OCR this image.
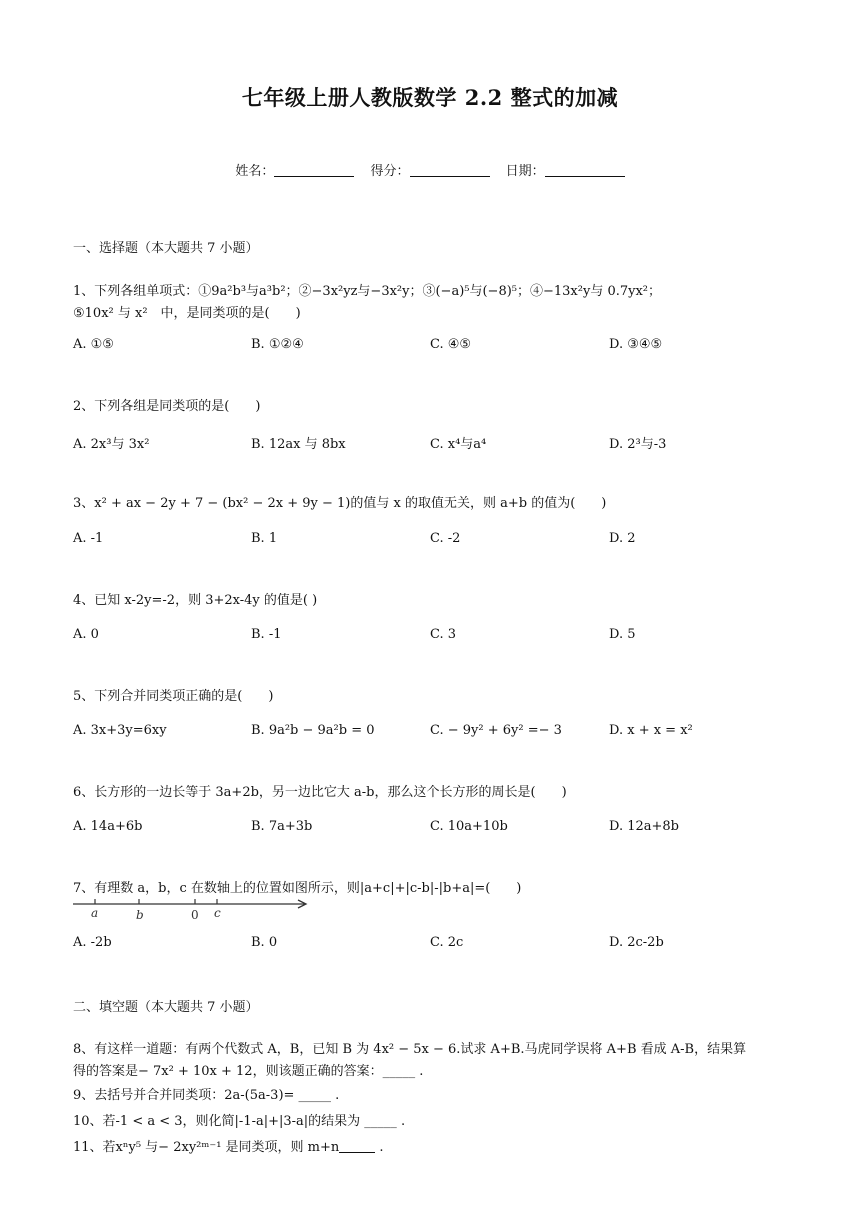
七年级上册人教版数学 2.2 整式的加减
姓名：	得分：	日期：
一、选择题（本大题共 7 小题）
1、下列各组单项式：①9a²b³与a³b²；②−3x²yz与−3x²y；③(−a)⁵与(−8)⁵；④−13x²y与 0.7yx²；
⑤10x² 与 x²　中，是同类项的是(　　)
A. ①⑤	B. ①②④	C. ④⑤	D. ③④⑤
2、下列各组是同类项的是(　　)
A. 2x³与 3x²	B. 12ax 与 8bx	C. x⁴与a⁴	D. 2³与-3
3、x² + ax − 2y + 7 − (bx² − 2x + 9y − 1)的值与 x 的取值无关，则 a+b 的值为(　　)
A. -1	B. 1	C. -2	D. 2
4、已知 x-2y=-2，则 3+2x-4y 的值是( )
A. 0	B. -1	C. 3	D. 5
5、下列合并同类项正确的是(　　)
A. 3x+3y=6xy	B. 9a²b − 9a²b = 0	C. − 9y² + 6y² =− 3	D. x + x = x²
6、长方形的一边长等于 3a+2b，另一边比它大 a-b，那么这个长方形的周长是(　　)
A. 14a+6b	B. 7a+3b	C. 10a+10b	D. 12a+8b
7、有理数 a，b，c 在数轴上的位置如图所示，则|a+c|+|c-b|-|b+a|=(　　)
a	b	0 c
A. -2b	B. 0	C. 2c	D. 2c-2b
二、填空题（本大题共 7 小题）
8、有这样一道题：有两个代数式 A，B，已知 B 为 4x² − 5x − 6.试求 A+B.马虎同学误将 A+B 看成 A-B，结果算
得的答案是− 7x² + 10x + 12，则该题正确的答案：_____ .
9、去括号并合并同类项：2a-(5a-3)= _____ .
10、若-1 < a < 3，则化简|-1-a|+|3-a|的结果为 _____ .
11、若xⁿy⁵ 与− 2xy²ᵐ⁻¹ 是同类项，则 m+n	.
